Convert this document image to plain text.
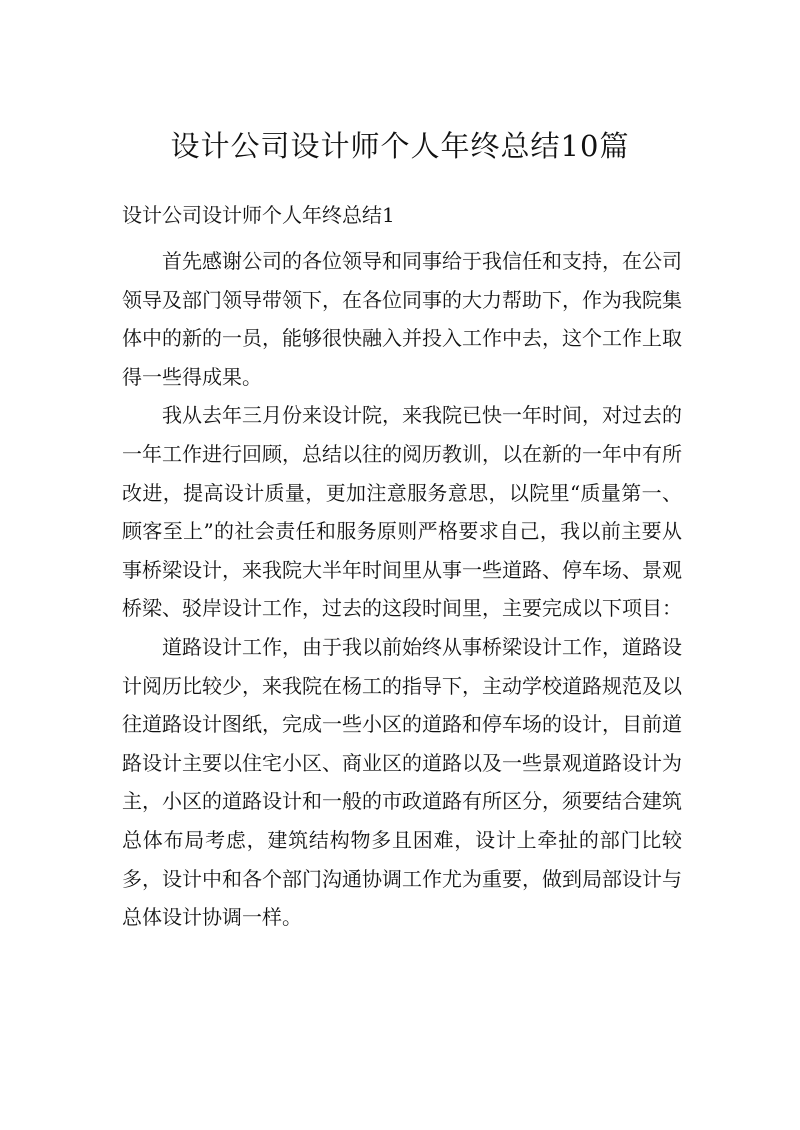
设计公司设计师个人年终总结10篇
设计公司设计师个人年终总结1

首先感谢公司的各位领导和同事给于我信任和支持，在公司领导及部门领导带领下，在各位同事的大力帮助下，作为我院集体中的新的一员，能够很快融入并投入工作中去，这个工作上取得一些得成果。

我从去年三月份来设计院，来我院已快一年时间，对过去的一年工作进行回顾，总结以往的阅历教训，以在新的一年中有所改进，提高设计质量，更加注意服务意思，以院里“质量第一、顾客至上”的社会责任和服务原则严格要求自己，我以前主要从事桥梁设计，来我院大半年时间里从事一些道路、停车场、景观桥梁、驳岸设计工作，过去的这段时间里，主要完成以下项目：

道路设计工作，由于我以前始终从事桥梁设计工作，道路设计阅历比较少，来我院在杨工的指导下，主动学校道路规范及以往道路设计图纸，完成一些小区的道路和停车场的设计，目前道路设计主要以住宅小区、商业区的道路以及一些景观道路设计为主，小区的道路设计和一般的市政道路有所区分，须要结合建筑总体布局考虑，建筑结构物多且困难，设计上牵扯的部门比较多，设计中和各个部门沟通协调工作尤为重要，做到局部设计与总体设计协调一样。
